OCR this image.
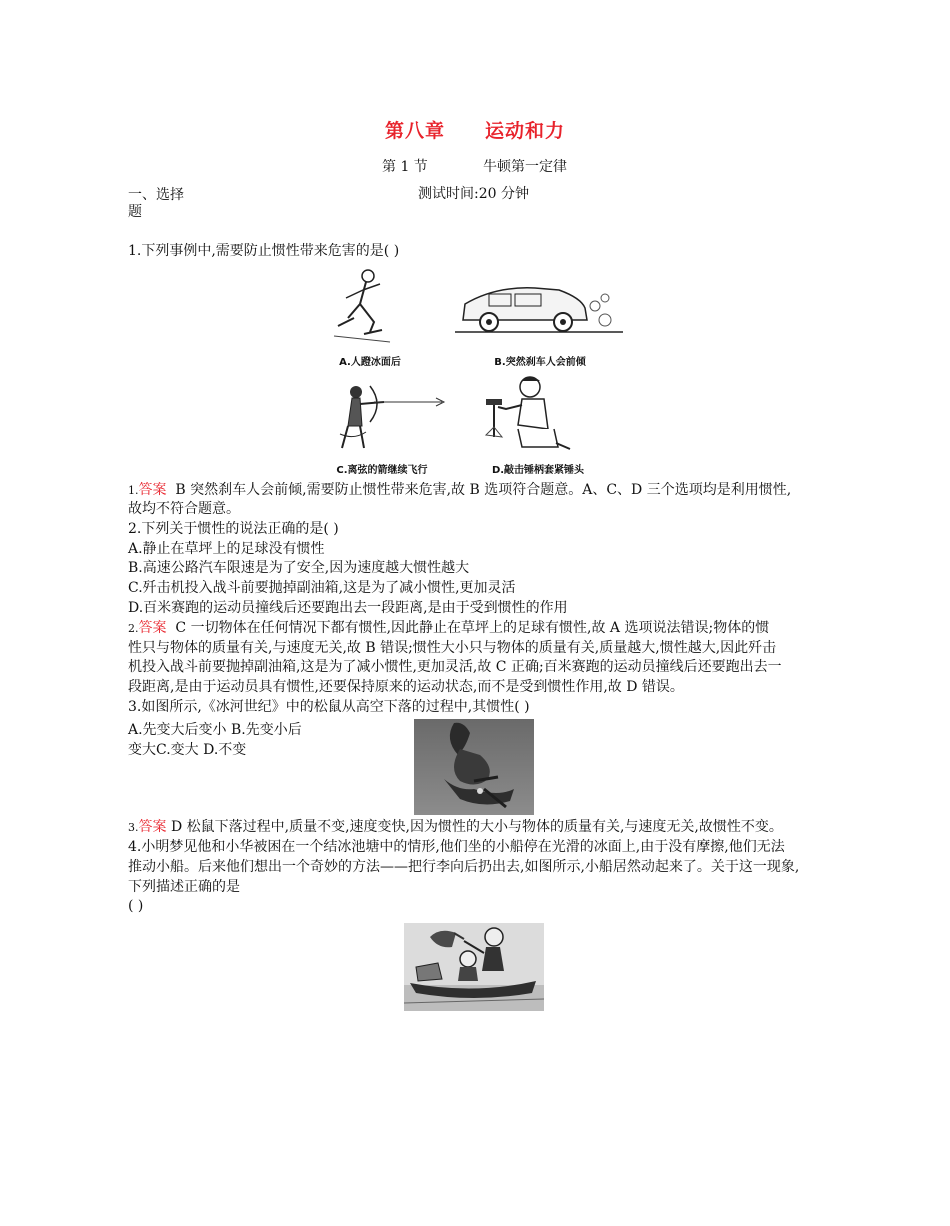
第八章 运动和力
第 1 节	牛顿第一定律
一、选择
题
测试时间:20 分钟
1.下列事例中,需要防止惯性带来危害的是( )
A.人蹬冰面后	B.突然刹车人会前倾
C.离弦的箭继续飞行	D.敲击锤柄套紧锤头
1.答案 B 突然刹车人会前倾,需要防止惯性带来危害,故 B 选项符合题意。A、C、D 三个选项均是利用惯性,
故均不符合题意。
2.下列关于惯性的说法正确的是( )
A.静止在草坪上的足球没有惯性
B.高速公路汽车限速是为了安全,因为速度越大惯性越大
C.歼击机投入战斗前要抛掉副油箱,这是为了减小惯性,更加灵活
D.百米赛跑的运动员撞线后还要跑出去一段距离,是由于受到惯性的作用
2.答案 C 一切物体在任何情况下都有惯性,因此静止在草坪上的足球有惯性,故 A 选项说法错误;物体的惯
性只与物体的质量有关,与速度无关,故 B 错误;惯性大小只与物体的质量有关,质量越大,惯性越大,因此歼击
机投入战斗前要抛掉副油箱,这是为了减小惯性,更加灵活,故 C 正确;百米赛跑的运动员撞线后还要跑出去一
段距离,是由于运动员具有惯性,还要保持原来的运动状态,而不是受到惯性作用,故 D 错误。
3.如图所示,《冰河世纪》中的松鼠从高空下落的过程中,其惯性( )
A.先变大后变小 B.先变小后
变大C.变大 D.不变
3.答案 D 松鼠下落过程中,质量不变,速度变快,因为惯性的大小与物体的质量有关,与速度无关,故惯性不变。
4.小明梦见他和小华被困在一个结冰池塘中的情形,他们坐的小船停在光滑的冰面上,由于没有摩擦,他们无法
推动小船。后来他们想出一个奇妙的方法——把行李向后扔出去,如图所示,小船居然动起来了。关于这一现象,
下列描述正确的是
( )
